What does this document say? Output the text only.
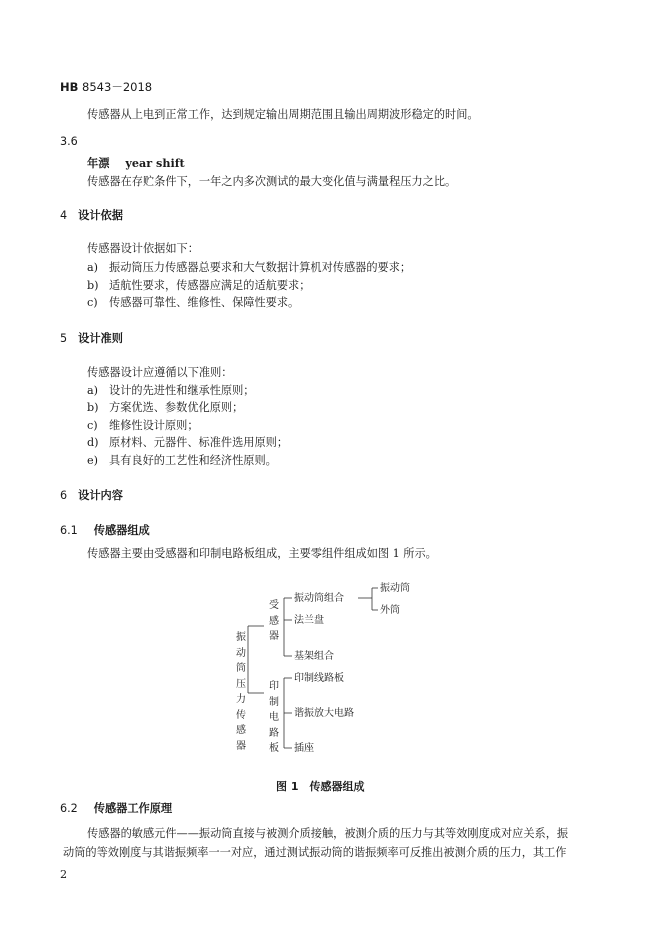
HB 8543－2018
传感器从上电到正常工作，达到规定输出周期范围且输出周期波形稳定的时间。
3.6
年漂 year shift
传感器在存贮条件下，一年之内多次测试的最大变化值与满量程压力之比。
4 设计依据
传感器设计依据如下：
a) 振动筒压力传感器总要求和大气数据计算机对传感器的要求；
b) 适航性要求，传感器应满足的适航要求；
c) 传感器可靠性、维修性、保障性要求。
5 设计准则
传感器设计应遵循以下准则：
a) 设计的先进性和继承性原则；
b) 方案优选、参数优化原则；
c) 维修性设计原则；
d) 原材料、元器件、标准件选用原则；
e) 具有良好的工艺性和经济性原则。
6 设计内容
6.1 传感器组成
传感器主要由受感器和印制电路板组成，主要零组件组成如图 1 所示。
振动筒压力传感器
受感器
印制电路板
振动筒组合
法兰盘
基架组合
振动筒
外筒
印制线路板
谐振放大电路
插座
图 1　传感器组成
6.2 传感器工作原理
传感器的敏感元件——振动筒直接与被测介质接触，被测介质的压力与其等效刚度成对应关系，振
动筒的等效刚度与其谐振频率一一对应，通过测试振动筒的谐振频率可反推出被测介质的压力，其工作
2
